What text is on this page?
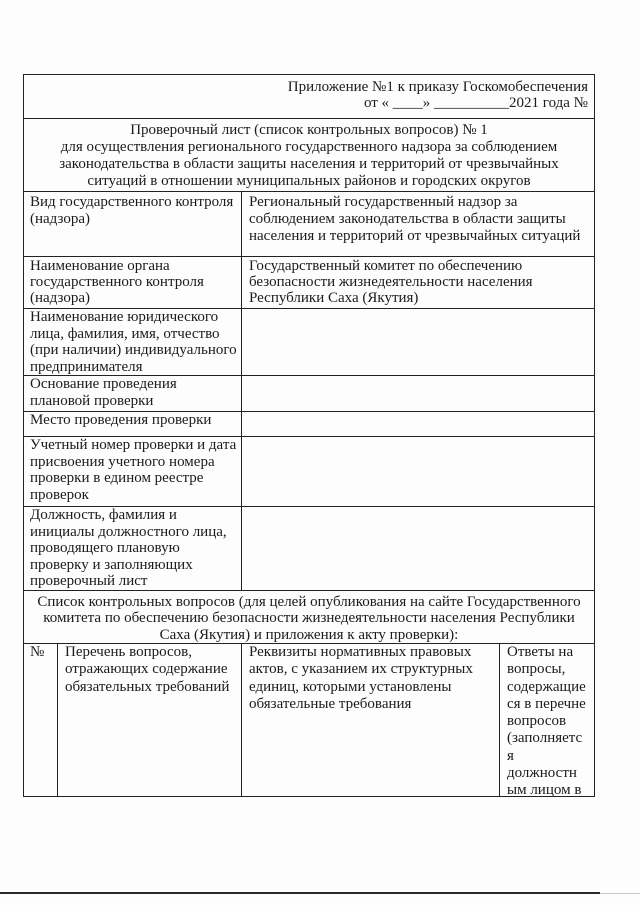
Приложение №1 к приказу Госкомобеспечения
от « ____» __________2021 года №
Проверочный лист (список контрольных вопросов) № 1
для осуществления регионального государственного надзора за соблюдением
законодательства в области защиты населения и территорий от чрезвычайных
ситуаций в отношении муниципальных районов и городских округов
Вид государственного контроля
(надзора)
Региональный государственный надзор за
соблюдением законодательства в области защиты
населения и территорий от чрезвычайных ситуаций
Наименование органа
государственного контроля
(надзора)
Государственный комитет по обеспечению
безопасности жизнедеятельности населения
Республики Саха (Якутия)
Наименование юридического
лица, фамилия, имя, отчество
(при наличии) индивидуального
предпринимателя
Основание проведения
плановой проверки
Место проведения проверки
Учетный номер проверки и дата
присвоения учетного номера
проверки в едином реестре
проверок
Должность, фамилия и
инициалы должностного лица,
проводящего плановую
проверку и заполняющих
проверочный лист
Список контрольных вопросов (для целей опубликования на сайте Государственного
комитета по обеспечению безопасности жизнедеятельности населения Республики
Саха (Якутия) и приложения к акту проверки):
№	Перечень вопросов,
отражающих содержание
обязательных требований
Реквизиты нормативных правовых
актов, с указанием их структурных
единиц, которыми установлены
обязательные требования
Ответы на
вопросы,
содержащие
ся в перечне
вопросов
(заполняетс
я
должностн
ым лицом в
